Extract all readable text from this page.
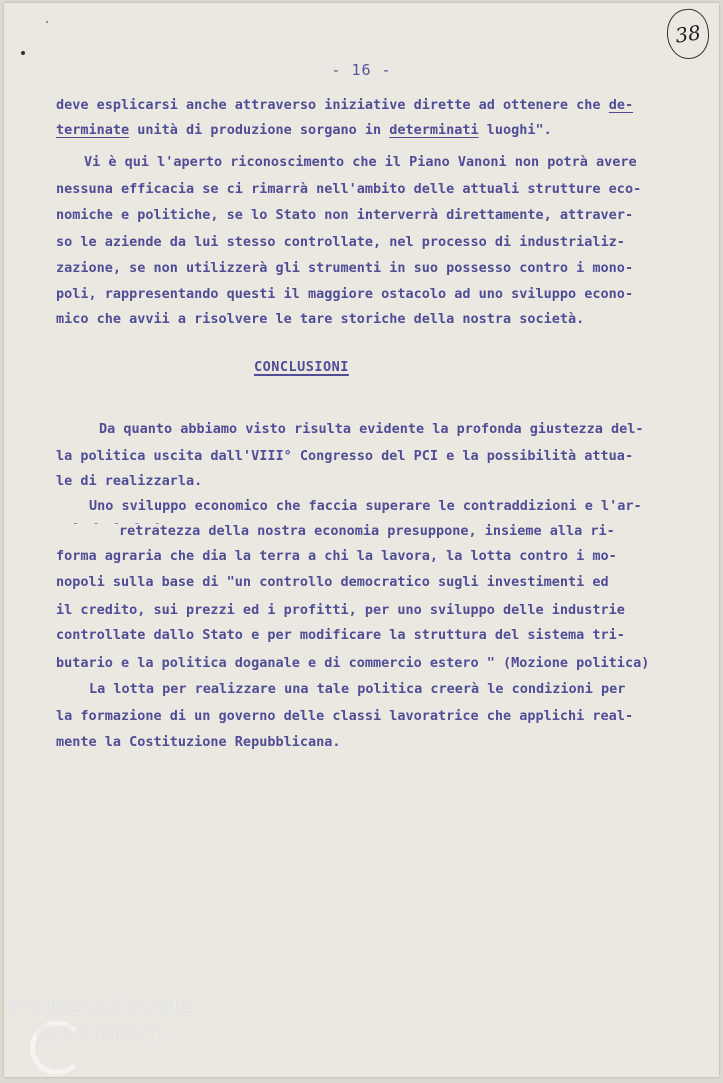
38
- 16 -
deve esplicarsi anche attraverso iniziative dirette ad ottenere che de-
terminate unità di produzione sorgano in determinati luoghi".
Vi è qui l'aperto riconoscimento che il Piano Vanoni non potrà avere
nessuna efficacia se ci rimarrà nell'ambito delle attuali strutture eco-
nomiche e politiche, se lo Stato non interverrà direttamente, attraver-
so le aziende da lui stesso controllate, nel processo di industrializ-
zazione, se non utilizzerà gli strumenti in suo possesso contro i mono-
poli, rappresentando questi il maggiore ostacolo ad uno sviluppo econo-
mico che avvii a risolvere le tare storiche della nostra società.
CONCLUSIONI
Da quanto abbiamo visto risulta evidente la profonda giustezza del-
la politica uscita dall'VIII° Congresso del PCI e la possibilità attua-
le di realizzarla.
Uno sviluppo economico che faccia superare le contraddizioni e l'ar-
- - - - -
retratezza della nostra economia presuppone, insieme alla ri-
forma agraria che dia la terra a chi la lavora, la lotta contro i mo-
nopoli sulla base di "un controllo democratico sugli investimenti ed
il credito, sui prezzi ed i profitti, per uno sviluppo delle industrie
controllate dallo Stato e per modificare la struttura del sistema tri-
butario e la politica doganale e di commercio estero " (Mozione politica)
La lotta per realizzare una tale politica creerà le condizioni per
la formazione di un governo delle classi lavoratrice che applichi real-
mente la Costituzione Repubblicana.
FONDAZIONE
GRAMSCI
